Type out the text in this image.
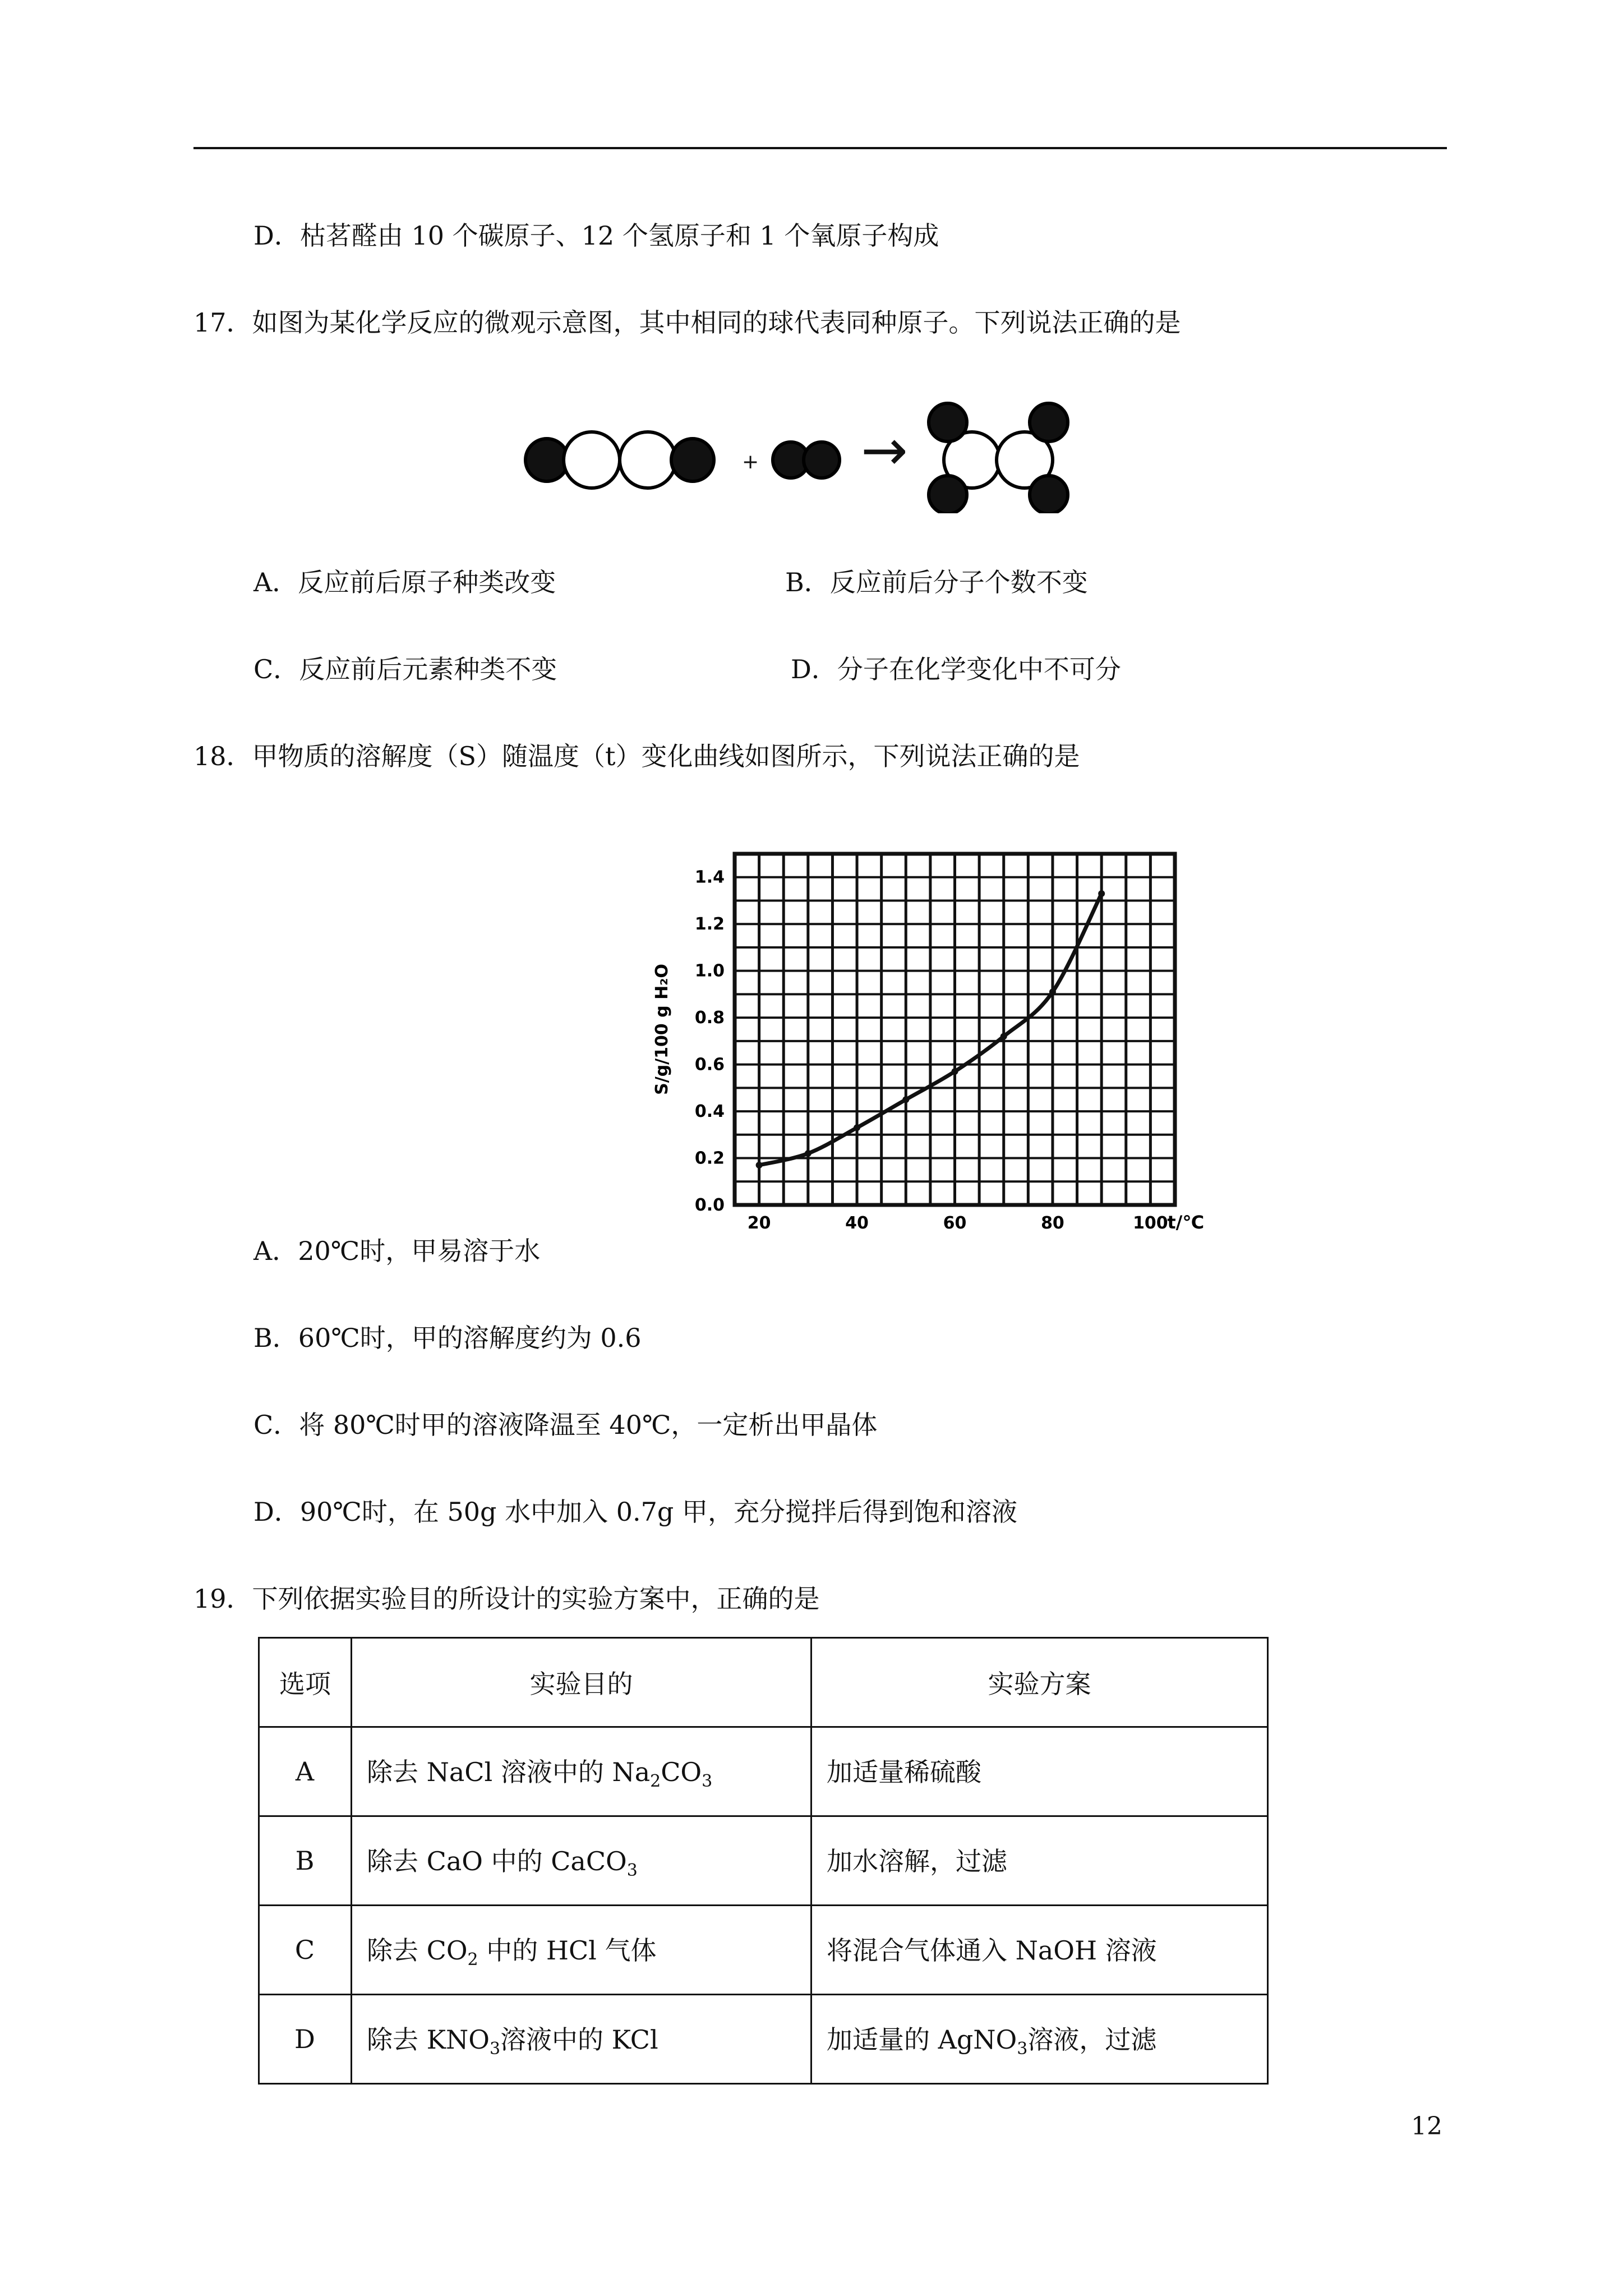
D．枯茗醛由 10 个碳原子、12 个氢原子和 1 个氧原子构成
17．如图为某化学反应的微观示意图，其中相同的球代表同种原子。下列说法正确的是
+ →
A．反应前后原子种类改变	B．反应前后分子个数不变
C．反应前后元素种类不变	D．分子在化学变化中不可分
18．甲物质的溶解度（S）随温度（t）变化曲线如图所示，下列说法正确的是
0.0
0.2
0.4
0.6
0.8
1.0
1.2
1.4
20	40	60	80	100
S/g/100 g H₂O
t/℃
A．20℃时，甲易溶于水
B．60℃时，甲的溶解度约为 0.6
C．将 80℃时甲的溶液降温至 40℃，一定析出甲晶体
D．90℃时，在 50g 水中加入 0.7g 甲，充分搅拌后得到饱和溶液
19．下列依据实验目的所设计的实验方案中，正确的是
选项	实验目的	实验方案
A	除去 NaCl 溶液中的 $Na_2CO_3$	加适量稀硫酸
B	除去 CaO 中的 CaCO$_3$	加水溶解，过滤
C	除去 $CO_2$ 中的 HCl 气体	将混合气体通入 NaOH 溶液
D	除去 $KNO_3$溶液中的 KCl	加适量的 AgNO$_3$溶液，过滤
12
